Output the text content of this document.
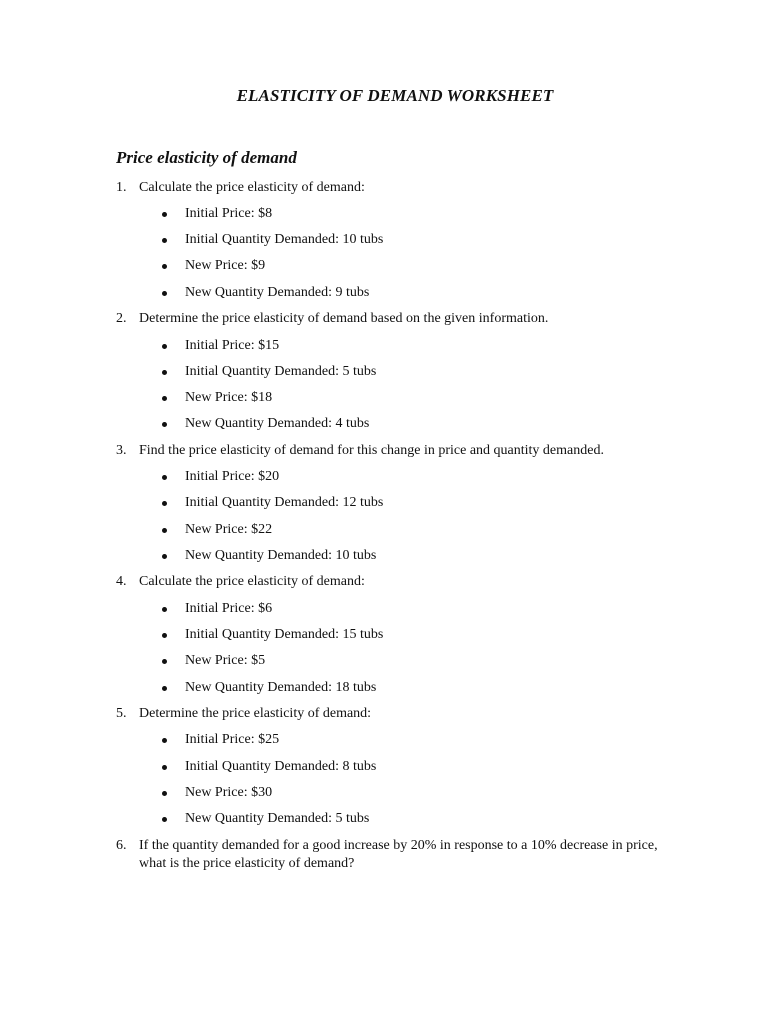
ELASTICITY OF DEMAND WORKSHEET
Price elasticity of demand
1. Calculate the price elasticity of demand:
Initial Price: $8
Initial Quantity Demanded: 10 tubs
New Price: $9
New Quantity Demanded: 9 tubs
2. Determine the price elasticity of demand based on the given information.
Initial Price: $15
Initial Quantity Demanded: 5 tubs
New Price: $18
New Quantity Demanded: 4 tubs
3. Find the price elasticity of demand for this change in price and quantity demanded.
Initial Price: $20
Initial Quantity Demanded: 12 tubs
New Price: $22
New Quantity Demanded: 10 tubs
4. Calculate the price elasticity of demand:
Initial Price: $6
Initial Quantity Demanded: 15 tubs
New Price: $5
New Quantity Demanded: 18 tubs
5. Determine the price elasticity of demand:
Initial Price: $25
Initial Quantity Demanded: 8 tubs
New Price: $30
New Quantity Demanded: 5 tubs
6. If the quantity demanded for a good increase by 20% in response to a 10% decrease in price,
what is the price elasticity of demand?
